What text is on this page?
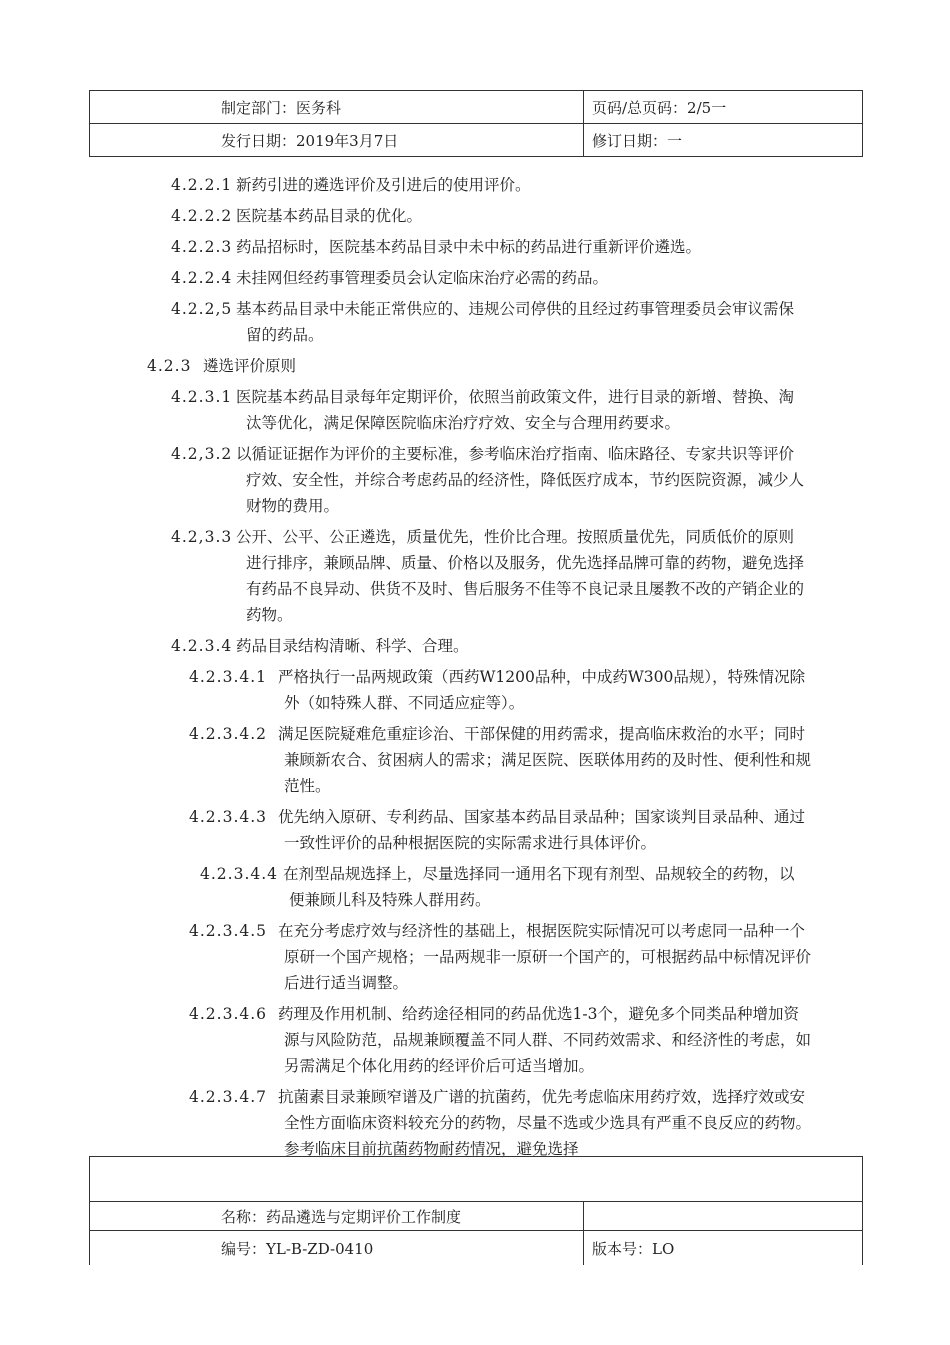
制定部门：医务科	页码/总页码：2/5一
发行日期：2019年3月7日	修订日期：一
4.2.2.1 新药引进的遴选评价及引进后的使用评价。
4.2.2.2 医院基本药品目录的优化。
4.2.2.3 药品招标时，医院基本药品目录中未中标的药品进行重新评价遴选。
4.2.2.4 未挂网但经药事管理委员会认定临床治疗必需的药品。
4.2.2,5 基本药品目录中未能正常供应的、违规公司停供的且经过药事管理委员会审议需保
留的药品。
4.2.3 遴选评价原则
4.2.3.1 医院基本药品目录每年定期评价，依照当前政策文件，进行目录的新增、替换、淘
汰等优化，满足保障医院临床治疗疗效、安全与合理用药要求。
4.2,3.2 以循证证据作为评价的主要标准，参考临床治疗指南、临床路径、专家共识等评价
疗效、安全性，并综合考虑药品的经济性，降低医疗成本，节约医院资源，减少人
财物的费用。
4.2,3.3 公开、公平、公正遴选，质量优先，性价比合理。按照质量优先，同质低价的原则
进行排序，兼顾品牌、质量、价格以及服务，优先选择品牌可靠的药物，避免选择
有药品不良异动、供货不及时、售后服务不佳等不良记录且屡教不改的产销企业的
药物。
4.2.3.4 药品目录结构清晰、科学、合理。
4.2.3.4.1 严格执行一品两规政策（西药W1200品种，中成药W300品规），特殊情况除
外（如特殊人群、不同适应症等）。
4.2.3.4.2 满足医院疑难危重症诊治、干部保健的用药需求，提高临床救治的水平；同时
兼顾新农合、贫困病人的需求；满足医院、医联体用药的及时性、便利性和规
范性。
4.2.3.4.3 优先纳入原研、专利药品、国家基本药品目录品种；国家谈判目录品种、通过
一致性评价的品种根据医院的实际需求进行具体评价。
4.2.3.4.4 在剂型品规选择上，尽量选择同一通用名下现有剂型、品规较全的药物，以
便兼顾儿科及特殊人群用药。
4.2.3.4.5 在充分考虑疗效与经济性的基础上，根据医院实际情况可以考虑同一品种一个
原研一个国产规格；一品两规非一原研一个国产的，可根据药品中标情况评价
后进行适当调整。
4.2.3.4.6 药理及作用机制、给药途径相同的药品优选1-3个，避免多个同类品种增加资
源与风险防范，品规兼顾覆盖不同人群、不同药效需求、和经济性的考虑，如
另需满足个体化用药的经评价后可适当增加。
4.2.3.4.7 抗菌素目录兼顾窄谱及广谱的抗菌药，优先考虑临床用药疗效，选择疗效或安
全性方面临床资料较充分的药物，尽量不选或少选具有严重不良反应的药物。
参考临床目前抗菌药物耐药情况，避免选择

名称：药品遴选与定期评价工作制度	
编号：YL-B-ZD-0410	版本号：LO
